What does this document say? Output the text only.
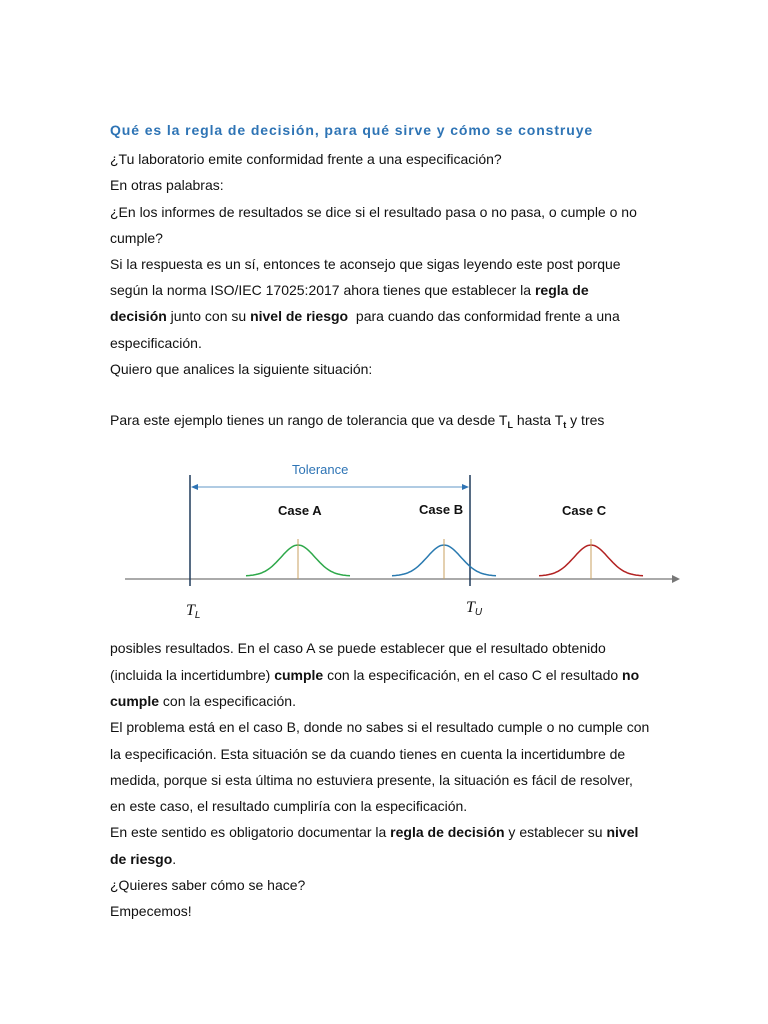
Qué es la regla de decisión, para qué sirve y cómo se construye
¿Tu laboratorio emite conformidad frente a una especificación?
En otras palabras:
¿En los informes de resultados se dice si el resultado pasa o no pasa, o cumple o no
cumple?
Si la respuesta es un sí, entonces te aconsejo que sigas leyendo este post porque
según la norma ISO/IEC 17025:2017 ahora tienes que establecer la regla de
decisión junto con su nivel de riesgo  para cuando das conformidad frente a una
especificación.
Quiero que analices la siguiente situación:
Para este ejemplo tienes un rango de tolerancia que va desde $T_L$ hasta $T_t$ y tres
Tolerance
Case A	Case B	Case C
TL	TU
posibles resultados. En el caso A se puede establecer que el resultado obtenido
(incluida la incertidumbre) cumple con la especificación, en el caso C el resultado no
cumple con la especificación.
El problema está en el caso B, donde no sabes si el resultado cumple o no cumple con
la especificación. Esta situación se da cuando tienes en cuenta la incertidumbre de
medida, porque si esta última no estuviera presente, la situación es fácil de resolver,
en este caso, el resultado cumpliría con la especificación.
En este sentido es obligatorio documentar la regla de decisión y establecer su nivel
de riesgo.
¿Quieres saber cómo se hace?
Empecemos!
